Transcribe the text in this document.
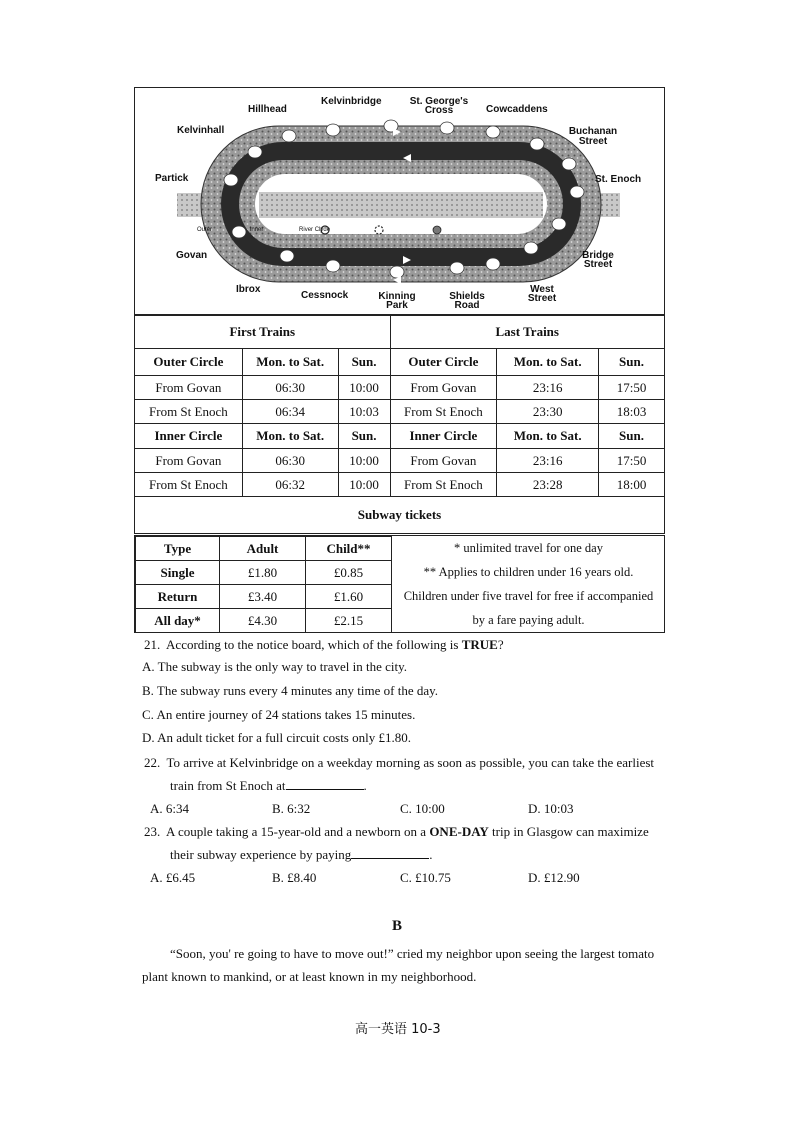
Outer	Inner	River Clyde
Hillhead
Kelvinbridge	St. George's Cross	Cowcaddens
Kelvinhall	Buchanan Street
Partick	St. Enoch
Govan	Bridge Street
Ibrox
Cessnock	Kinning Park
Shields Road
West Street
First Trains			Last Trains		
Outer Circle	Mon. to Sat.	Sun.	Outer Circle	Mon. to Sat.	Sun.
From Govan	06:30	10:00	From Govan	23:16	17:50
From St Enoch	06:34	10:03	From St Enoch	23:30	18:03
Inner Circle	Mon. to Sat.	Sun.	Inner Circle	Mon. to Sat.	Sun.
From Govan	06:30	10:00	From Govan	23:16	17:50
From St Enoch	06:32	10:00	From St Enoch	23:28	18:00
Subway tickets					
Type	Adult	Child**
Single	£1.80	£0.85
Return	£3.40	£1.60
All day*	£4.30	£2.15
* unlimited travel for one day
** Applies to children under 16 years old.
Children under five travel for free if accompanied
by a fare paying adult.
21. According to the notice board, which of the following is TRUE?
A. The subway is the only way to travel in the city.
B. The subway runs every 4 minutes any time of the day.
C. An entire journey of 24 stations takes 15 minutes.
D. An adult ticket for a full circuit costs only £1.80.
22. To arrive at Kelvinbridge on a weekday morning as soon as possible, you can take the earliest
train from St Enoch at	.
A. 6:34	B. 6:32	C. 10:00	D. 10:03
23. A couple taking a 15-year-old and a newborn on a ONE-DAY trip in Glasgow can maximize
their subway experience by paying	.
A. £6.45	B. £8.40	C. £10.75	D. £12.90
B
“Soon, you' re going to have to move out!” cried my neighbor upon seeing the largest tomato
plant known to mankind, or at least known in my neighborhood.
高一英语 10-3
